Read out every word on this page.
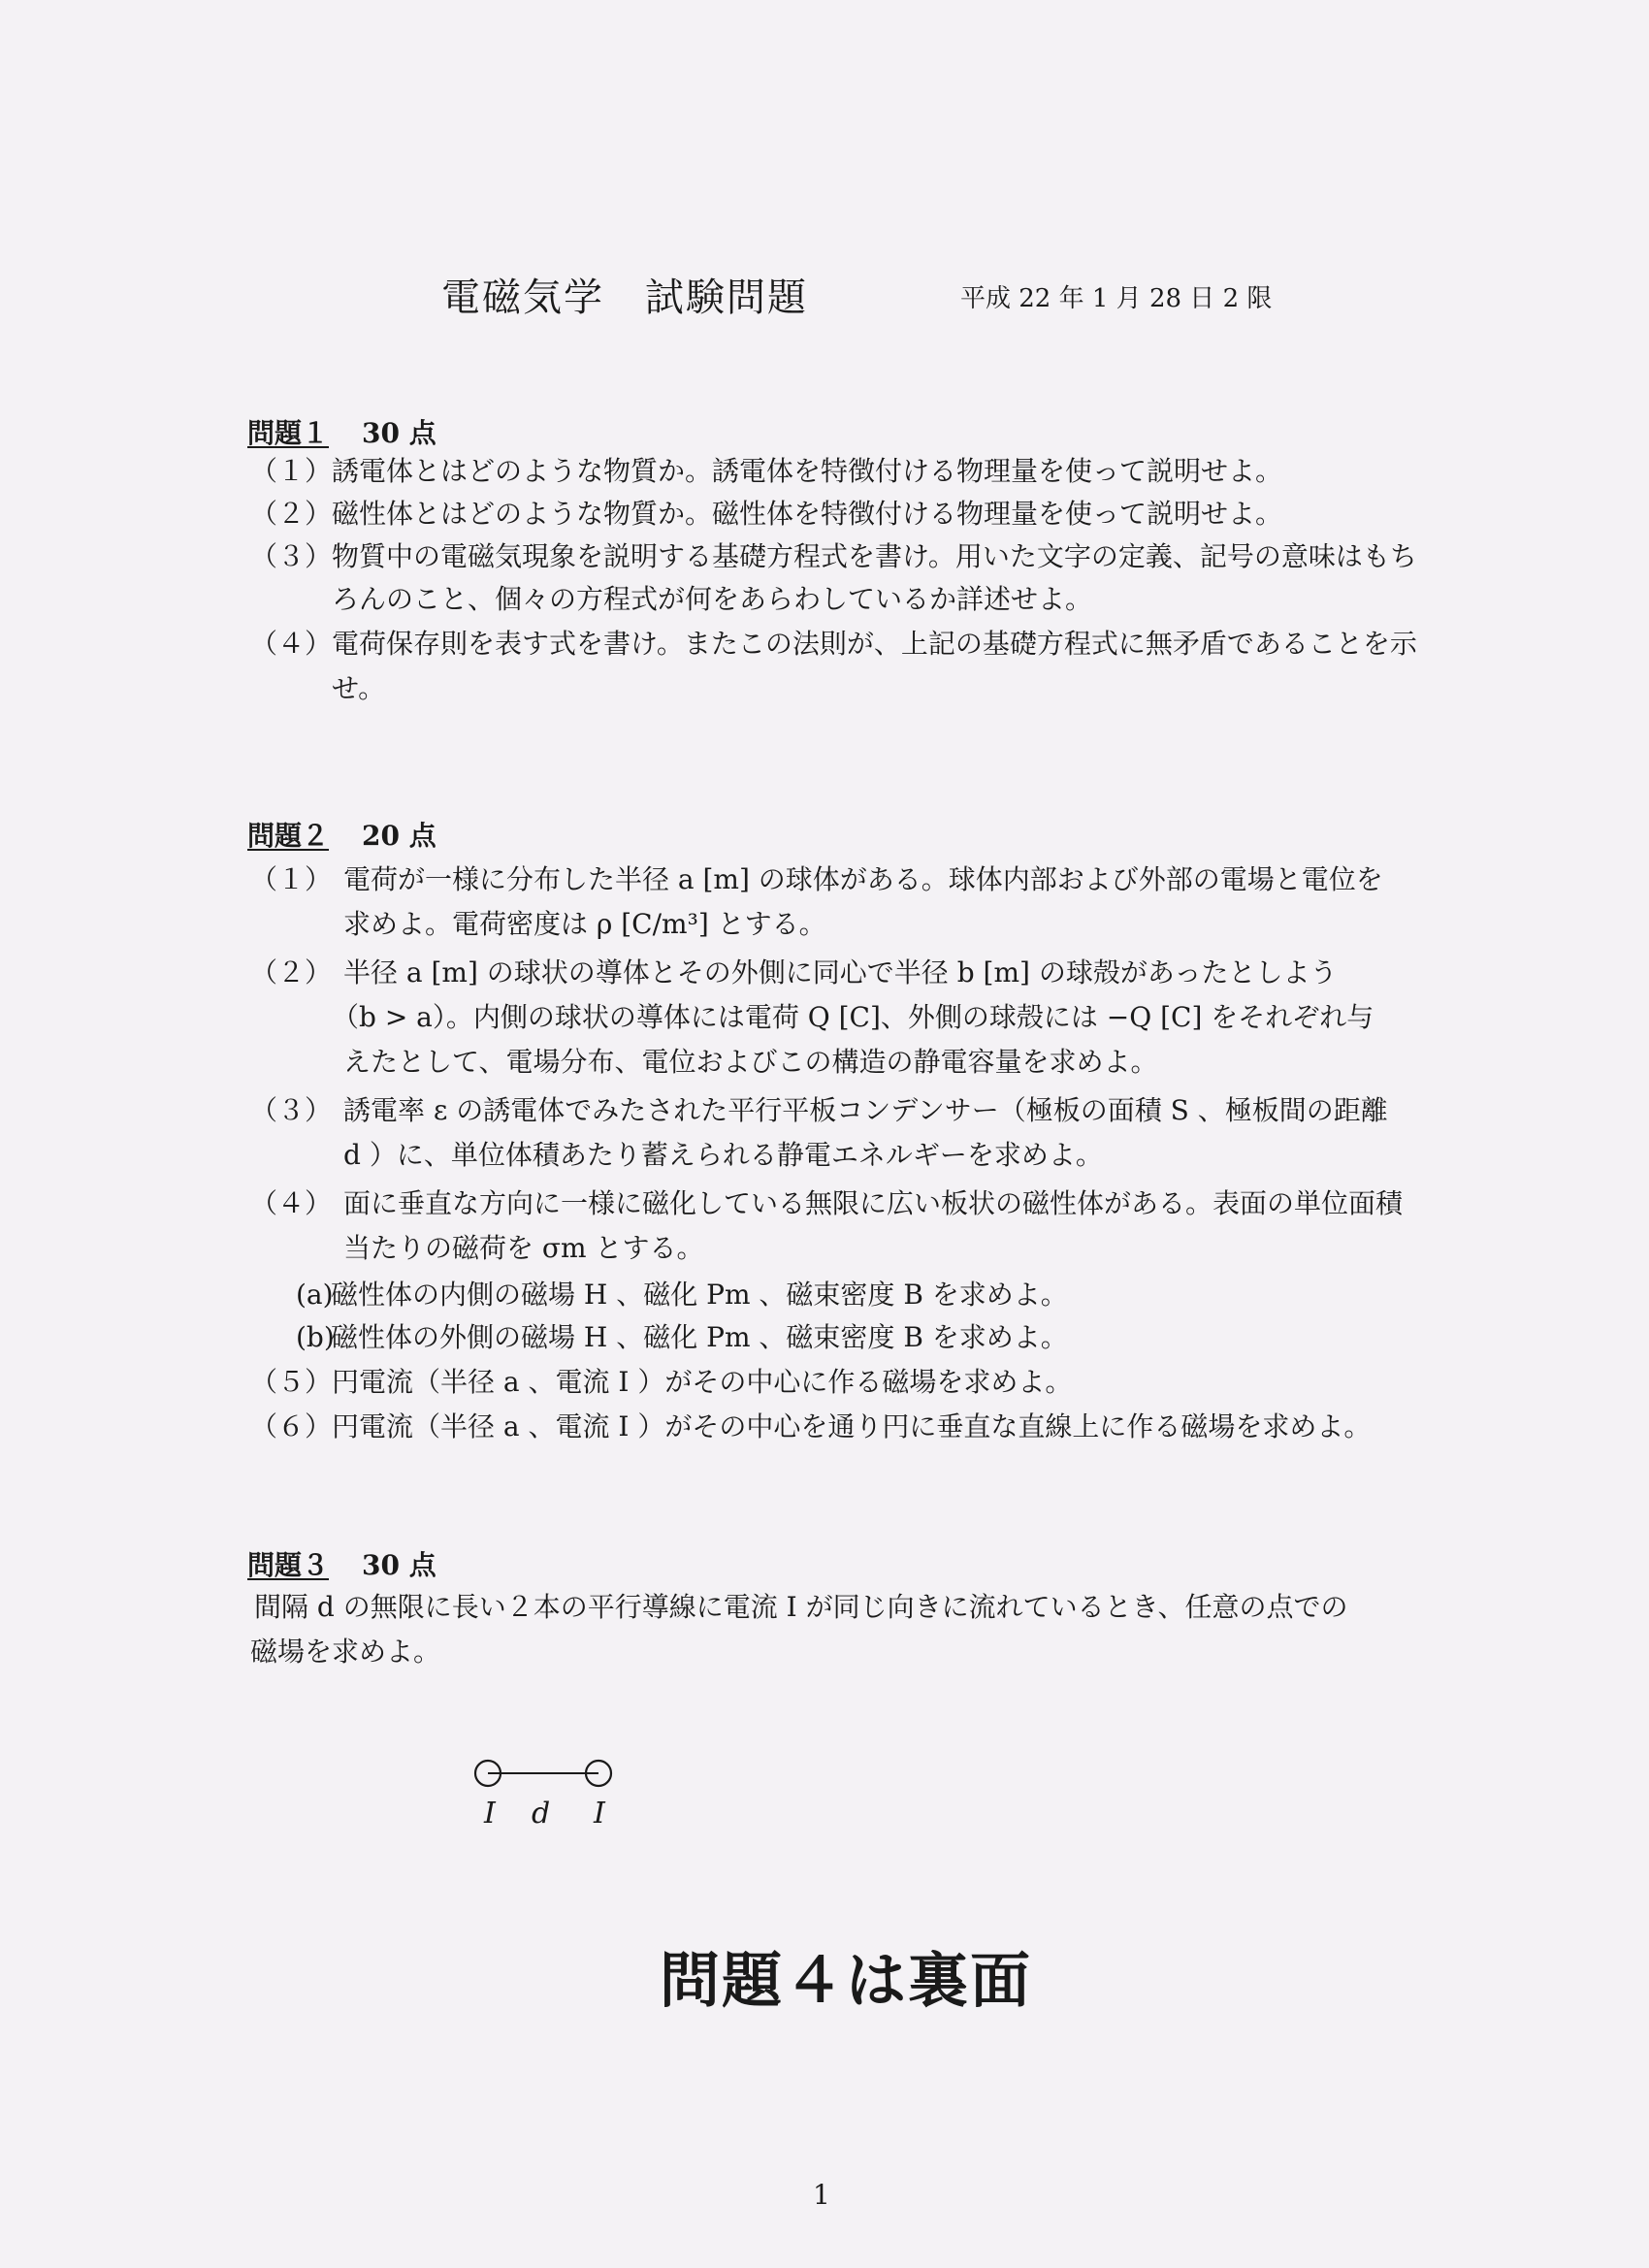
電磁気学　試験問題	平成 22 年 1 月 28 日 2 限
問題１ 30 点
（１）誘電体とはどのような物質か。誘電体を特徴付ける物理量を使って説明せよ。
（２）磁性体とはどのような物質か。磁性体を特徴付ける物理量を使って説明せよ。
（３）物質中の電磁気現象を説明する基礎方程式を書け。用いた文字の定義、記号の意味はもち
ろんのこと、個々の方程式が何をあらわしているか詳述せよ。
（４）電荷保存則を表す式を書け。またこの法則が、上記の基礎方程式に無矛盾であることを示
せ。
問題２ 20 点
（１） 電荷が一様に分布した半径 a [m] の球体がある。球体内部および外部の電場と電位を
求めよ。電荷密度は ρ [C/m³] とする。
（２） 半径 a [m] の球状の導体とその外側に同心で半径 b [m] の球殻があったとしよう
（b > a）。内側の球状の導体には電荷 Q [C]、外側の球殻には −Q [C] をそれぞれ与
えたとして、電場分布、電位およびこの構造の静電容量を求めよ。
（３） 誘電率 ε の誘電体でみたされた平行平板コンデンサー（極板の面積 S 、極板間の距離
d ）に、単位体積あたり蓄えられる静電エネルギーを求めよ。
（４） 面に垂直な方向に一様に磁化している無限に広い板状の磁性体がある。表面の単位面積
当たりの磁荷を σm とする。
(a)磁性体の内側の磁場 H 、磁化 Pm 、磁束密度 B を求めよ。
(b)磁性体の外側の磁場 H 、磁化 Pm 、磁束密度 B を求めよ。
（５）円電流（半径 a 、電流 I ）がその中心に作る磁場を求めよ。
（６）円電流（半径 a 、電流 I ）がその中心を通り円に垂直な直線上に作る磁場を求めよ。
問題３ 30 点
間隔 d の無限に長い２本の平行導線に電流 I が同じ向きに流れているとき、任意の点での
磁場を求めよ。
I d I
問題４は裏面
1
